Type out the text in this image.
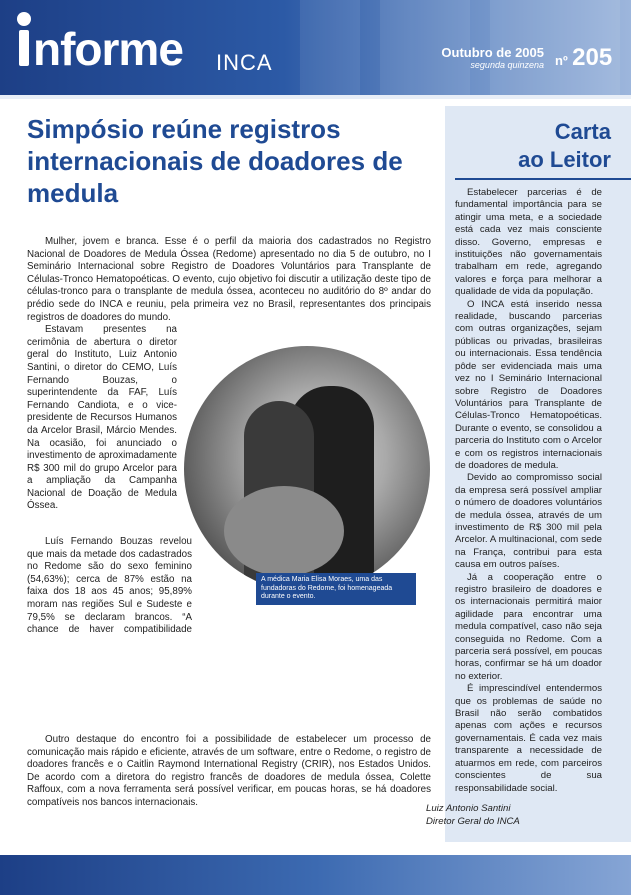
nforme INCA	Outubro de 2005
segunda quinzena nº 205
Simpósio reúne registros internacionais de doadores de medula
Carta
ao Leitor

Estabelecer parcerias é de fundamental importância para se atingir uma meta, e a sociedade está cada vez mais consciente disso. Governo, empresas e instituições não governamentais trabalham em rede, agregando valores e força para melhorar a qualidade de vida da população.

O INCA está inserido nessa realidade, buscando parcerias com outras organizações, sejam públicas ou privadas, brasileiras ou internacionais. Essa tendência pôde ser evidenciada mais uma vez no I Seminário Internacional sobre Registro de Doadores Voluntários para Transplante de Células-Tronco Hematopoéticas. Durante o evento, se consolidou a parceria do Instituto com o Arcelor e com os registros internacionais de doadores de medula.

Devido ao compromisso social da empresa será possível ampliar o número de doadores voluntários de medula óssea, através de um investimento de R$ 300 mil pela Arcelor. A multinacional, com sede na França, contribui para esta causa em outros países.

Já a cooperação entre o registro brasileiro de doadores e os internacionais permitirá maior agilidade para encontrar uma medula compatível, caso não seja conseguida no Redome. Com a parceria será possível, em poucas horas, confirmar se há um doador no exterior.

É imprescindível entendermos que os problemas de saúde no Brasil não serão combatidos apenas com ações e recursos governamentais. É cada vez mais transparente a necessidade de atuarmos em rede, com parceiros conscientes de sua responsabilidade social.

Luiz Antonio Santini
Diretor Geral do INCA

Mulher, jovem e branca. Esse é o perfil da maioria dos cadastrados no Registro Nacional de Doadores de Medula Óssea (Redome) apresentado no dia 5 de outubro, no I Seminário Internacional sobre Registro de Doadores Voluntários para Transplante de Células-Tronco Hematopoéticas. O evento, cujo objetivo foi discutir a utilização deste tipo de células-tronco para o transplante de medula óssea, aconteceu no auditório do 8º andar do prédio sede do INCA e reuniu, pela primeira vez no Brasil, representantes dos principais registros de doadores do mundo.

Estavam presentes na cerimônia de abertura o diretor geral do Instituto, Luiz Antonio Santini, o diretor do CEMO, Luís Fernando Bouzas, o superintendente da FAF, Luís Fernando Candiota, e o vice-presidente de Recursos Humanos da Arcelor Brasil, Márcio Mendes. Na ocasião, foi anunciado o investimento de aproximadamente R$ 300 mil do grupo Arcelor para a ampliação da Campanha Nacional de Doação de Medula Óssea.

Luís Fernando Bouzas revelou que mais da metade dos cadastrados no Redome são do sexo feminino (54,63%); cerca de 87% estão na faixa dos 18 aos 45 anos; 95,89% moram nas regiões Sul e Sudeste e 79,5% se declaram brancos. “A chance de haver compatibilidade

Outro destaque do encontro foi a possibilidade de estabelecer um processo de comunicação mais rápido e eficiente, através de um software, entre o Redome, o registro de doadores francês e o Caitlin Raymond International Registry (CRIR), nos Estados Unidos. De acordo com a diretora do registro francês de doadores de medula óssea, Colette Raffoux, com a nova ferramenta será possível verificar, em poucas horas, se há doadores compatíveis nos bancos internacionais.

A médica Maria Elisa Moraes, uma das fundadoras do Redome, foi homenageada durante o evento.
